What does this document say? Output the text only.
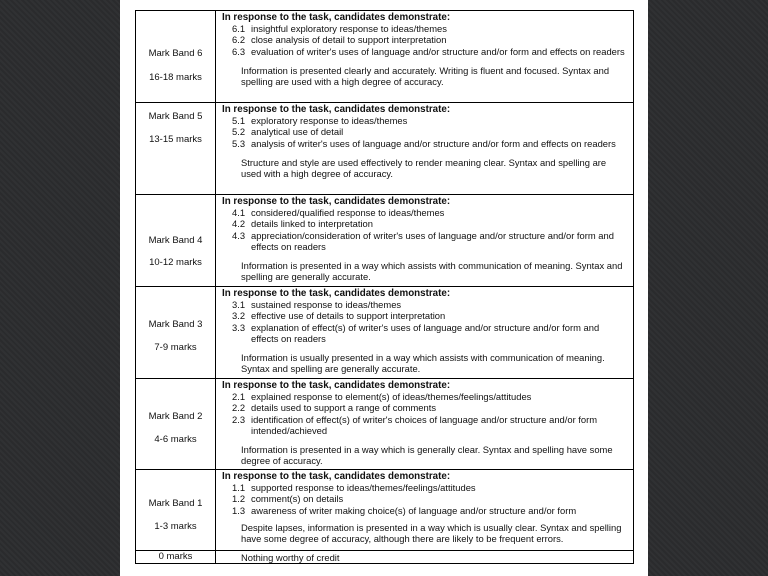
Mark Band 6
16-18 marks
In response to the task, candidates demonstrate:
6.1 insightful exploratory response to ideas/themes
6.2 close analysis of detail to support interpretation
6.3 evaluation of writer's uses of language and/or structure and/or form and effects on readers
Information is presented clearly and accurately. Writing is fluent and focused. Syntax and spelling are used with a high degree of accuracy.
Mark Band 5
13-15 marks
In response to the task, candidates demonstrate:
5.1 exploratory response to ideas/themes
5.2 analytical use of detail
5.3 analysis of writer's uses of language and/or structure and/or form and effects on readers
Structure and style are used effectively to render meaning clear. Syntax and spelling are used with a high degree of accuracy.
Mark Band 4
10-12 marks
In response to the task, candidates demonstrate:
4.1 considered/qualified response to ideas/themes
4.2 details linked to interpretation
4.3 appreciation/consideration of writer's uses of language and/or structure and/or form and effects on readers
Information is presented in a way which assists with communication of meaning. Syntax and spelling are generally accurate.
Mark Band 3
7-9 marks
In response to the task, candidates demonstrate:
3.1 sustained response to ideas/themes
3.2 effective use of details to support interpretation
3.3 explanation of effect(s) of writer's uses of language and/or structure and/or form and effects on readers
Information is usually presented in a way which assists with communication of meaning. Syntax and spelling are generally accurate.
Mark Band 2
4-6 marks
In response to the task, candidates demonstrate:
2.1 explained response to element(s) of ideas/themes/feelings/attitudes
2.2 details used to support a range of comments
2.3 identification of effect(s) of writer's choices of language and/or structure and/or form intended/achieved
Information is presented in a way which is generally clear. Syntax and spelling have some degree of accuracy.
Mark Band 1
1-3 marks
In response to the task, candidates demonstrate:
1.1 supported response to ideas/themes/feelings/attitudes
1.2 comment(s) on details
1.3 awareness of writer making choice(s) of language and/or structure and/or form
Despite lapses, information is presented in a way which is usually clear. Syntax and spelling have some degree of accuracy, although there are likely to be frequent errors.
0 marks	Nothing worthy of credit
